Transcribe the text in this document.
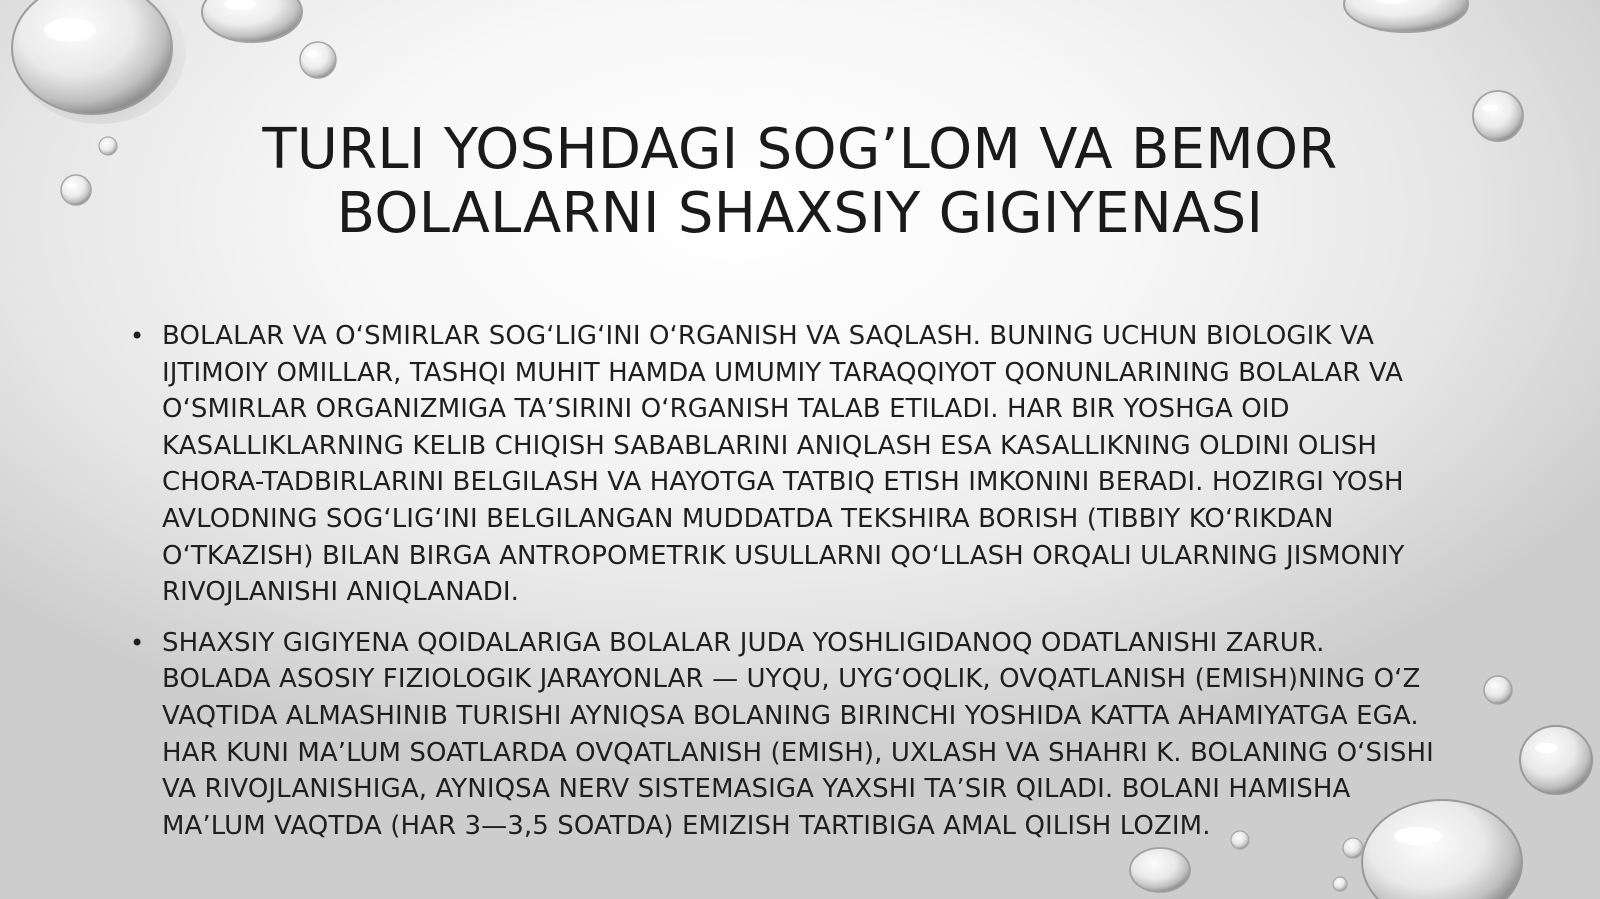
TURLI YOSHDAGI SOG’LOM VA BEMOR
BOLALARNI SHAXSIY GIGIYENASI
• BOLALAR VA O‘SMIRLAR SOG‘LIG‘INI O‘RGANISH VA SAQLASH. BUNING UCHUN BIOLOGIK VA
IJTIMOIY OMILLAR, TASHQI MUHIT HAMDA UMUMIY TARAQQIYOT QONUNLARINING BOLALAR VA
O‘SMIRLAR ORGANIZMIGA TA’SIRINI O‘RGANISH TALAB ETILADI. HAR BIR YOSHGA OID
KASALLIKLARNING KELIB CHIQISH SABABLARINI ANIQLASH ESA KASALLIKNING OLDINI OLISH
CHORA-TADBIRLARINI BELGILASH VA HAYOTGA TATBIQ ETISH IMKONINI BERADI. HOZIRGI YOSH
AVLODNING SOG‘LIG‘INI BELGILANGAN MUDDATDA TEKSHIRA BORISH (TIBBIY KO‘RIKDAN
O‘TKAZISH) BILAN BIRGA ANTROPOMETRIK USULLARNI QO‘LLASH ORQALI ULARNING JISMONIY
RIVOJLANISHI ANIQLANADI.
• SHAXSIY GIGIYENA QOIDALARIGA BOLALAR JUDA YOSHLIGIDANOQ ODATLANISHI ZARUR.
BOLADA ASOSIY FIZIOLOGIK JARAYONLAR — UYQU, UYG‘OQLIK, OVQATLANISH (EMISH)NING O‘Z
VAQTIDA ALMASHINIB TURISHI AYNIQSA BOLANING BIRINCHI YOSHIDA KATTA AHAMIYATGA EGA.
HAR KUNI MA’LUM SOATLARDA OVQATLANISH (EMISH), UXLASH VA SHAHRI K. BOLANING O‘SISHI
VA RIVOJLANISHIGA, AYNIQSA NERV SISTEMASIGA YAXSHI TA’SIR QILADI. BOLANI HAMISHA
MA’LUM VAQTDA (HAR 3—3,5 SOATDA) EMIZISH TARTIBIGA AMAL QILISH LOZIM.
